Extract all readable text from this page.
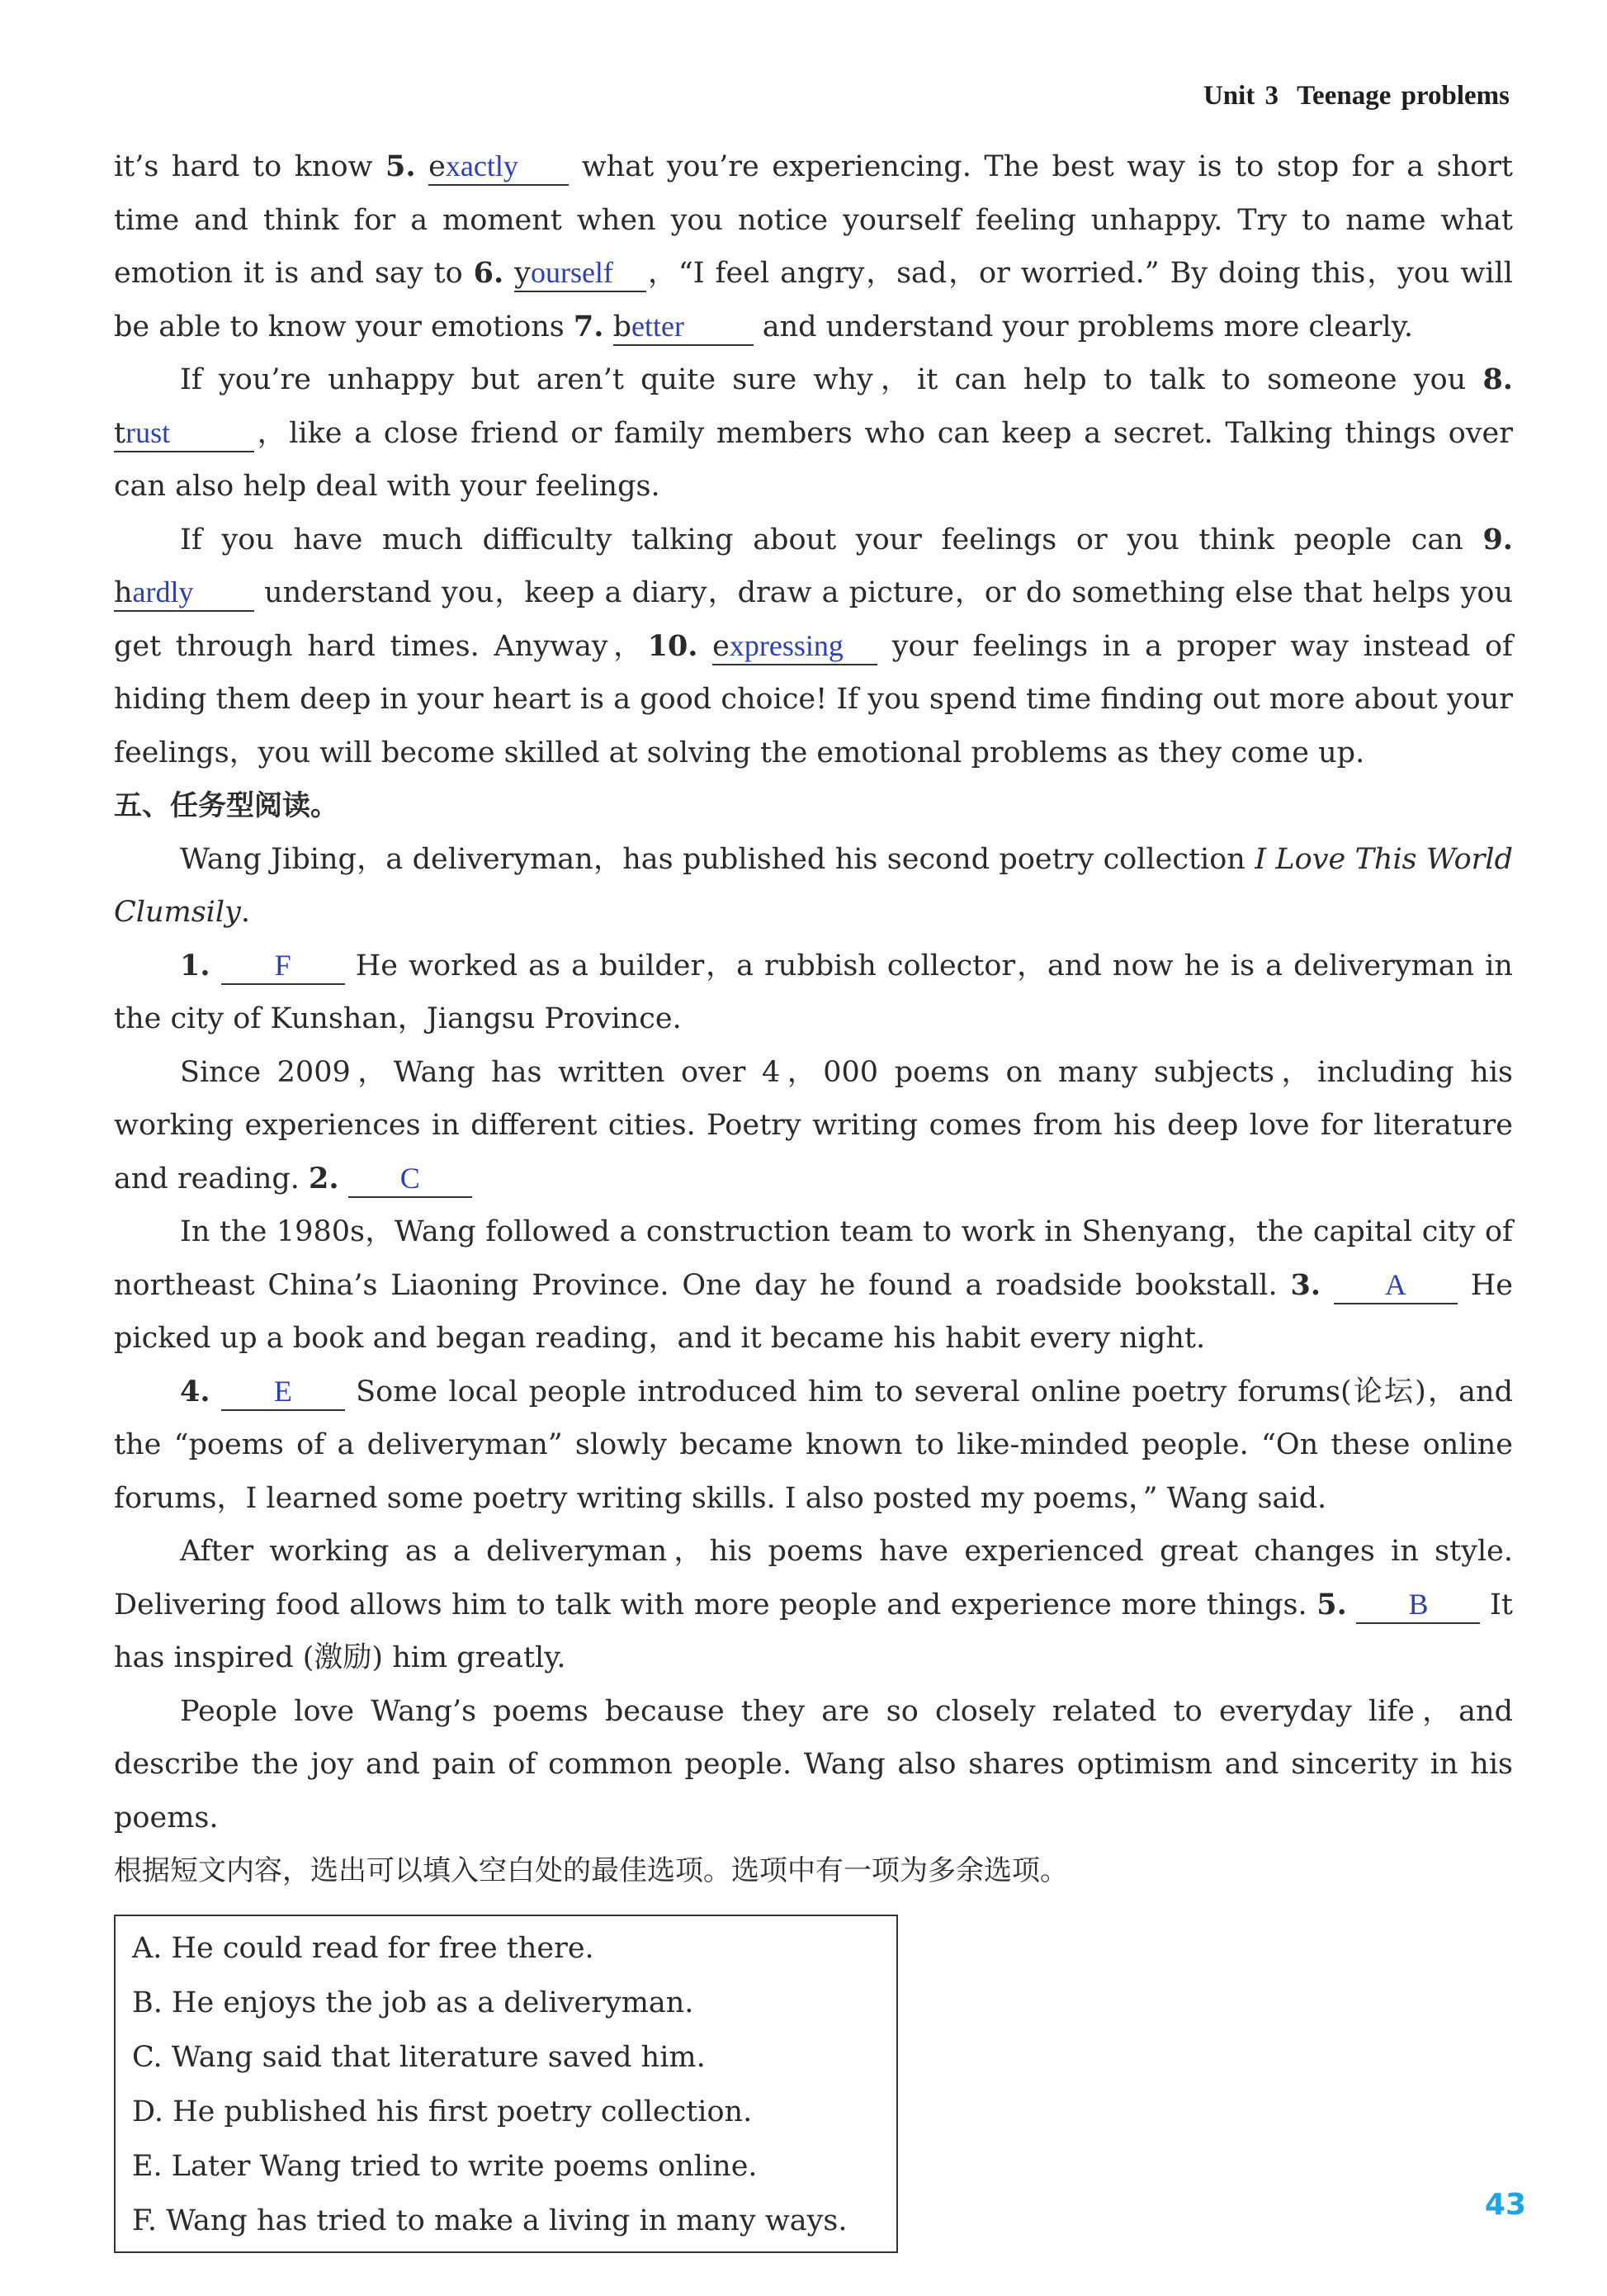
Unit 3 Teenage problems

it’s hard to know 5. exactly what you’re experiencing. The best way is to stop for a short time and think for a moment when you notice yourself feeling unhappy. Try to name what emotion it is and say to 6. yourself ，“I feel angry，sad，or worried.” By doing this，you will be able to know your emotions 7. better and understand your problems more clearly.

If you’re unhappy but aren’t quite sure why，it can help to talk to someone you 8. trust	，like a close friend or family members who can keep a secret. Talking things over can also help deal with your feelings.

If you have much difficulty talking about your feelings or you think people can 9. hardly understand you，keep a diary，draw a picture，or do something else that helps you get through hard times. Anyway，10. expressing your feelings in a proper way instead of hiding them deep in your heart is a good choice! If you spend time finding out more about your feelings，you will become skilled at solving the emotional problems as they come up.

五、任务型阅读。

Wang Jibing，a deliveryman，has published his second poetry collection I Love This World Clumsily.

1. F He worked as a builder，a rubbish collector，and now he is a deliveryman in the city of Kunshan，Jiangsu Province.

Since 2009，Wang has written over 4，000 poems on many subjects，including his working experiences in different cities. Poetry writing comes from his deep love for literature and reading. 2. C

In the 1980s，Wang followed a construction team to work in Shenyang，the capital city of northeast China’s Liaoning Province. One day he found a roadside bookstall. 3. A He picked up a book and began reading，and it became his habit every night.

4. E Some local people introduced him to several online poetry forums(论坛)，and the “poems of a deliveryman” slowly became known to like-minded people. “On these online forums，I learned some poetry writing skills. I also posted my poems，” Wang said.

After working as a deliveryman，his poems have experienced great changes in style. Delivering food allows him to talk with more people and experience more things. 5. B It has inspired (激励) him greatly.

People love Wang’s poems because they are so closely related to everyday life，and describe the joy and pain of common people. Wang also shares optimism and sincerity in his poems.

根据短文内容，选出可以填入空白处的最佳选项。选项中有一项为多余选项。

A. He could read for free there.
B. He enjoys the job as a deliveryman.
C. Wang said that literature saved him.
D. He published his first poetry collection.
E. Later Wang tried to write poems online.
F. Wang has tried to make a living in many ways.	43
